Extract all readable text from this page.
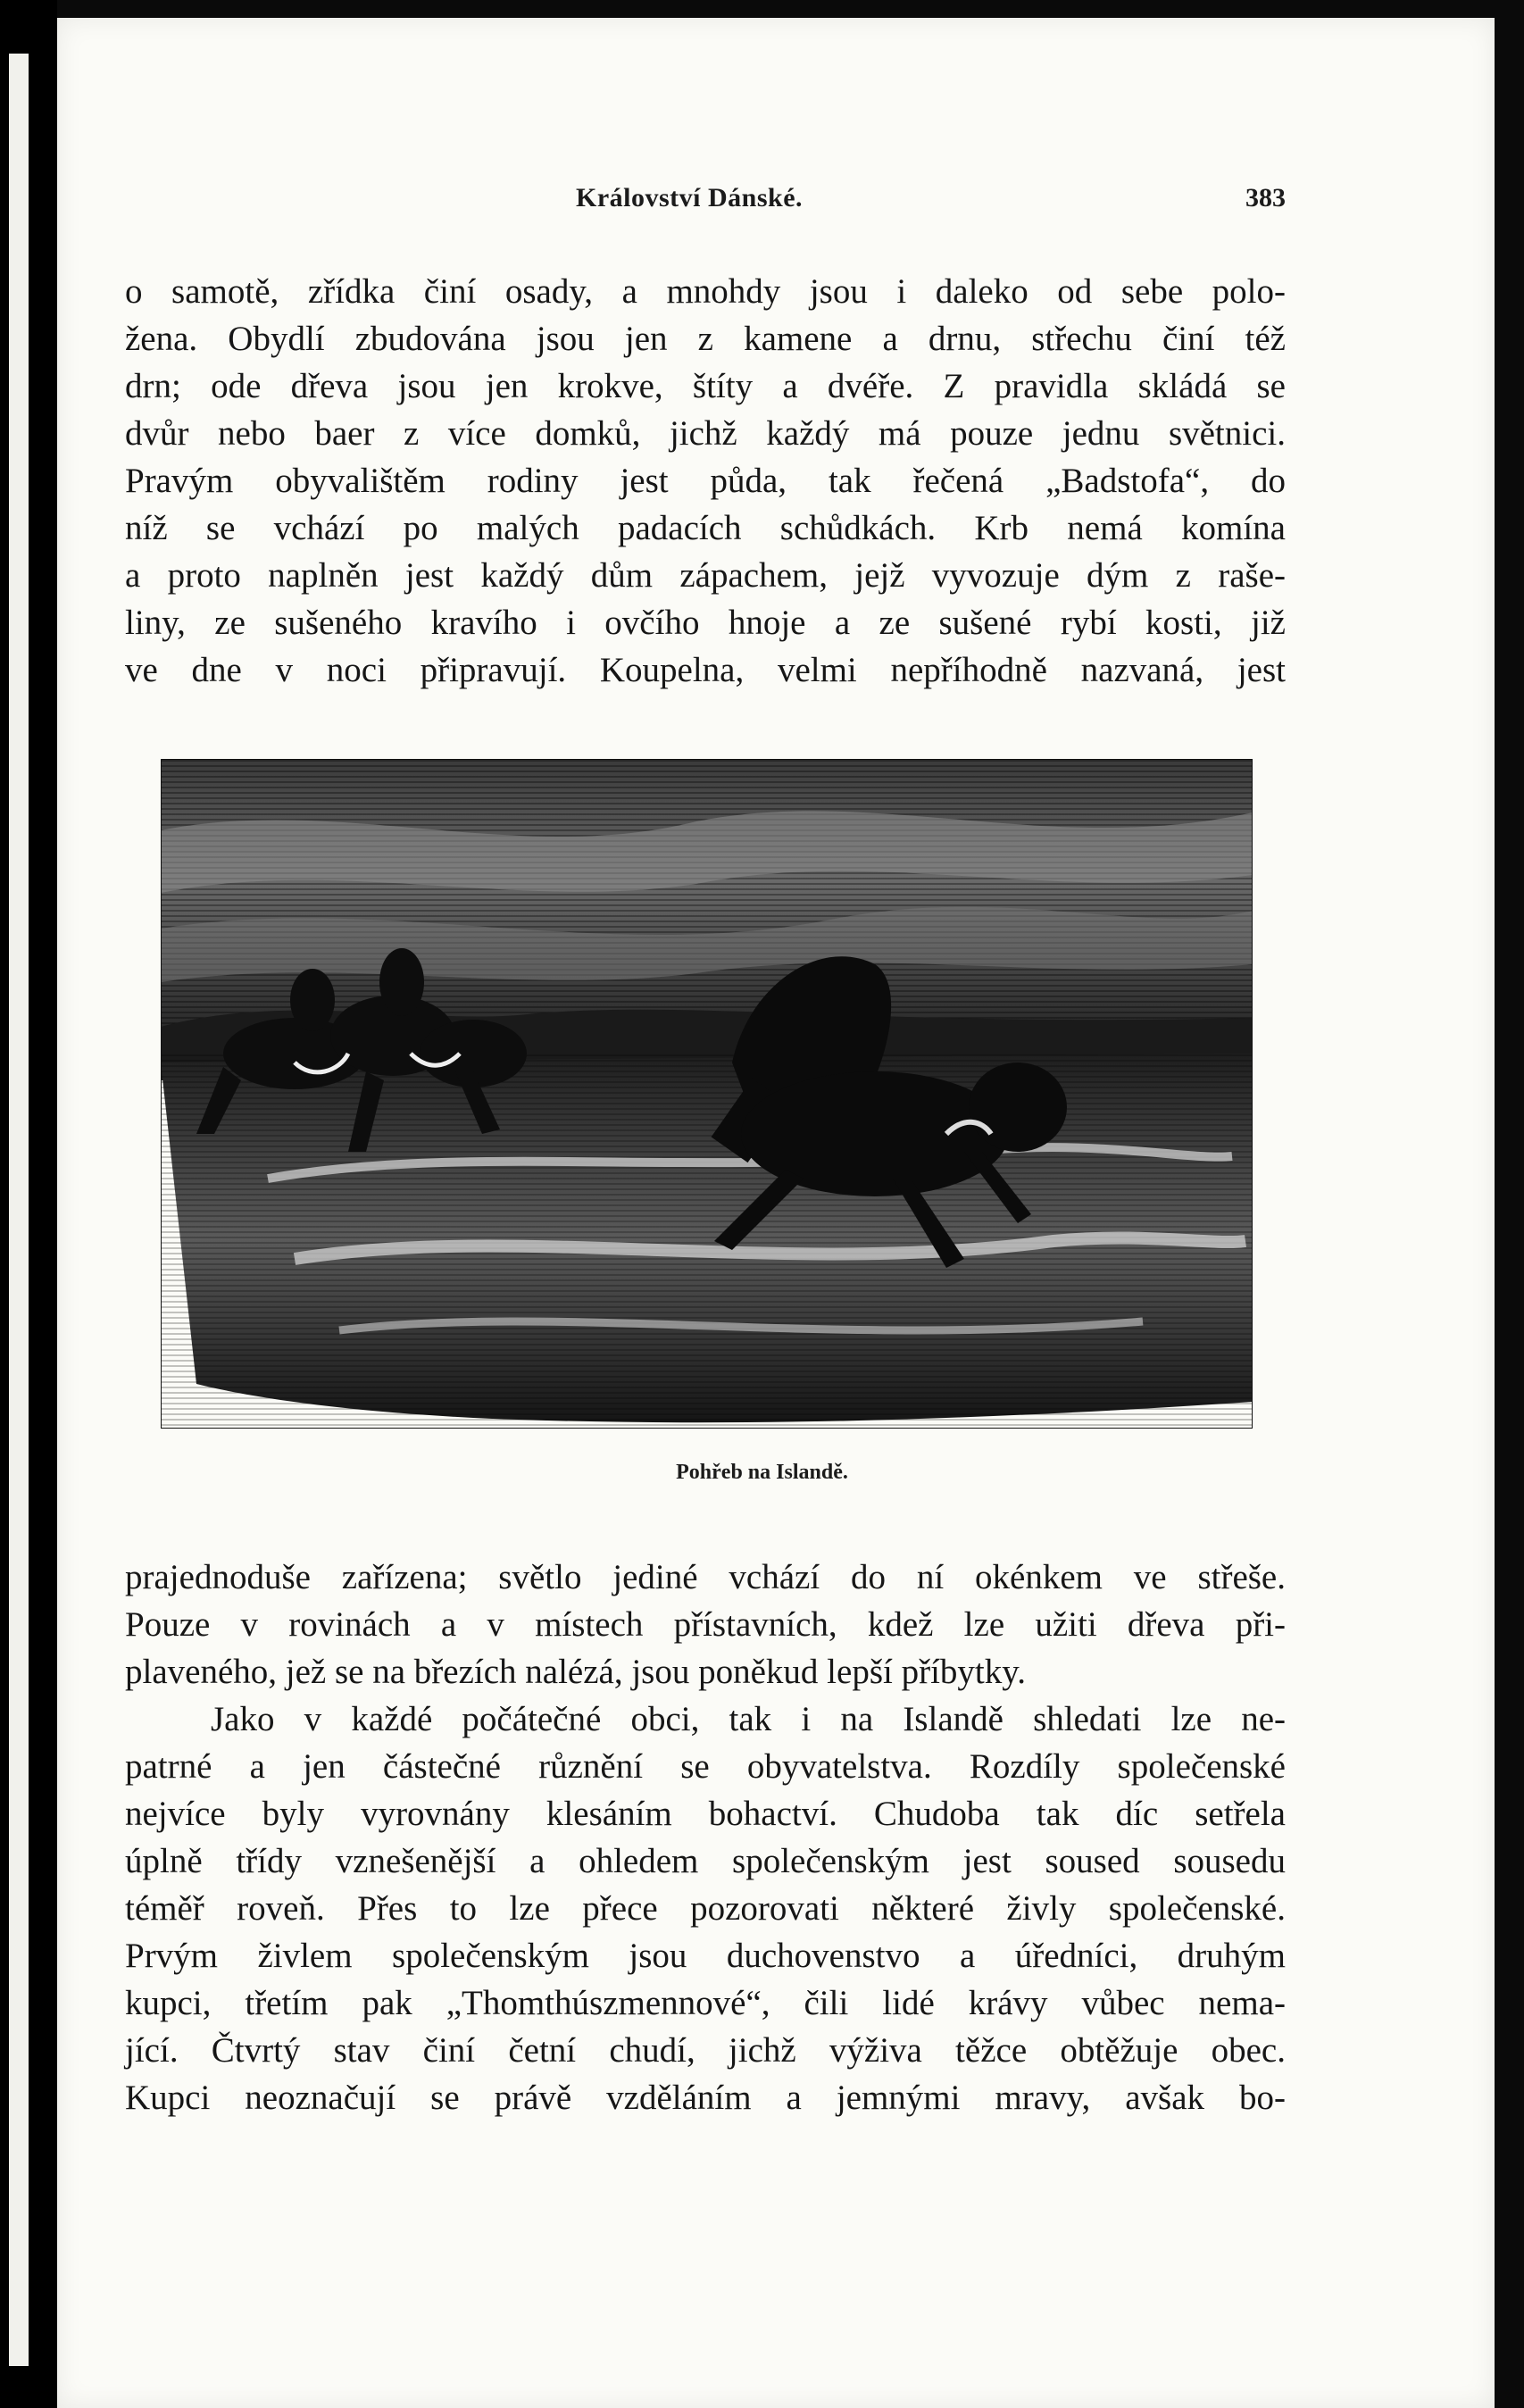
Království Dánské.	383
o samotě, zřídka činí osady, a mnohdy jsou i daleko od sebe polo-
žena. Obydlí zbudována jsou jen z kamene a drnu, střechu činí též
drn; ode dřeva jsou jen krokve, štíty a dvéře. Z pravidla skládá se
dvůr nebo baer z více domků, jichž každý má pouze jednu světnici.
Pravým obyvalištěm rodiny jest půda, tak řečená „Badstofa“, do
níž se vchází po malých padacích schůdkách. Krb nemá komína
a proto naplněn jest každý dům zápachem, jejž vyvozuje dým z raše-
liny, ze sušeného kravího i ovčího hnoje a ze sušené rybí kosti, již
ve dne v noci připravují. Koupelna, velmi nepříhodně nazvaná, jest
Pohřeb na Islandě.
prajednoduše zařízena; světlo jediné vchází do ní okénkem ve střeše.
Pouze v rovinách a v místech přístavních, kdež lze užiti dřeva při-
plaveného, jež se na březích nalézá, jsou poněkud lepší příbytky.
Jako v každé počátečné obci, tak i na Islandě shledati lze ne-
patrné a jen částečné různění se obyvatelstva. Rozdíly společenské
nejvíce byly vyrovnány klesáním bohactví. Chudoba tak díc setřela
úplně třídy vznešenější a ohledem společenským jest soused sousedu
téměř roveň. Přes to lze přece pozorovati některé živly společenské.
Prvým živlem společenským jsou duchovenstvo a úředníci, druhým
kupci, třetím pak „Thomthúszmennové“, čili lidé krávy vůbec nema-
jící. Čtvrtý stav činí četní chudí, jichž výživa těžce obtěžuje obec.
Kupci neoznačují se právě vzděláním a jemnými mravy, avšak bo-
